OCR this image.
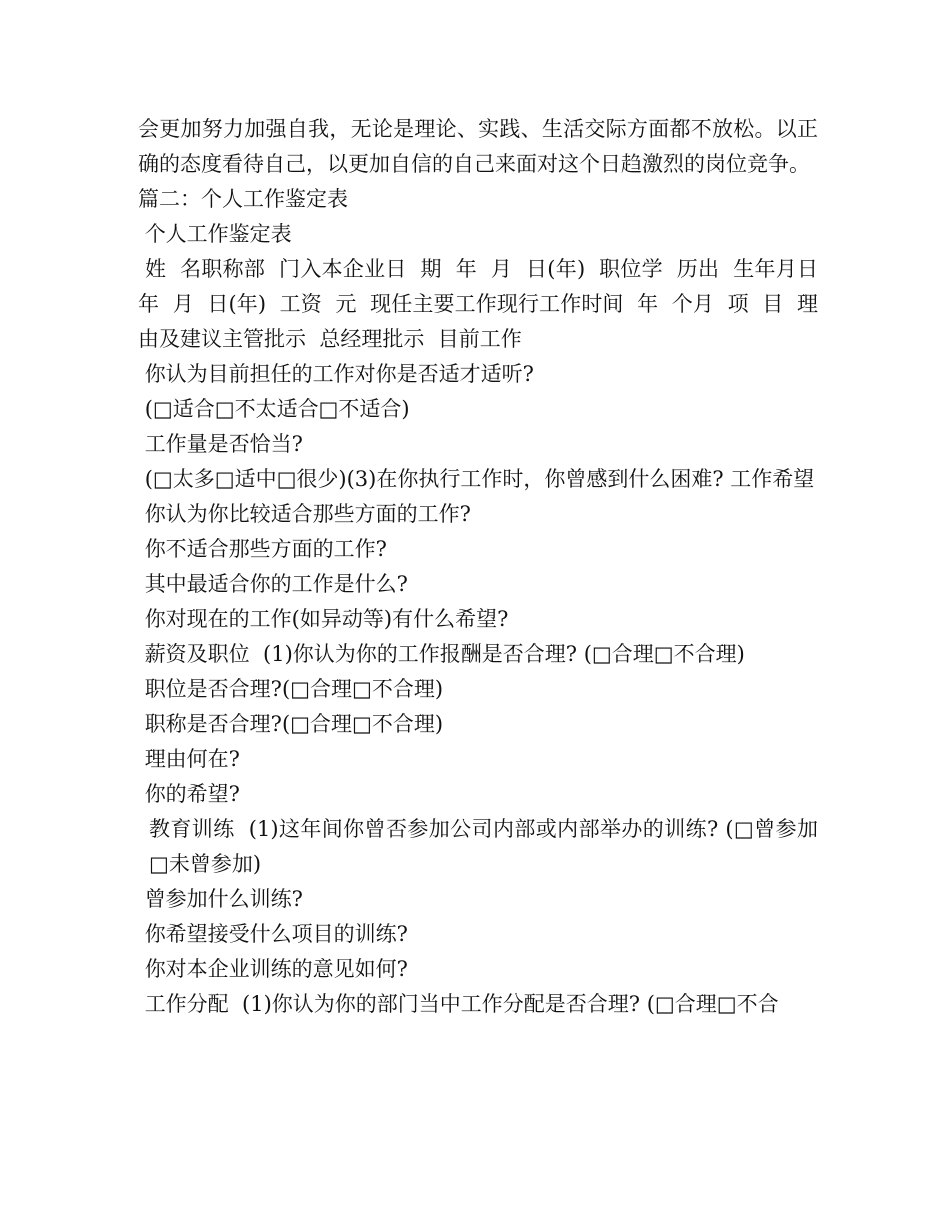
会更加努力加强自我，无论是理论、实践、生活交际方面都不放松。以正确的态度看待自己，以更加自信的自己来面对这个日趋激烈的岗位竞争。

篇二：个人工作鉴定表

个人工作鉴定表

姓  名职称部  门入本企业日  期  年  月  日(年)  职位学  历出  生年月日  年  月  日(年)  工资  元  现任主要工作现行工作时间  年  个月  项  目  理由及建议主管批示  总经理批示  目前工作

你认为目前担任的工作对你是否适才适听?

(□适合□不太适合□不适合)

工作量是否恰当?

(□太多□适中□很少)(3)在你执行工作时，你曾感到什么困难? 工作希望

你认为你比较适合那些方面的工作?

你不适合那些方面的工作?

其中最适合你的工作是什么?

你对现在的工作(如异动等)有什么希望?

薪资及职位  (1)你认为你的工作报酬是否合理? (□合理□不合理)

职位是否合理?(□合理□不合理)

职称是否合理?(□合理□不合理)

理由何在?

你的希望?

教育训练  (1)这年间你曾否参加公司内部或内部举办的训练? (□曾参加□未曾参加)

曾参加什么训练?

你希望接受什么项目的训练?

你对本企业训练的意见如何?

工作分配  (1)你认为你的部门当中工作分配是否合理? (□合理□不合
